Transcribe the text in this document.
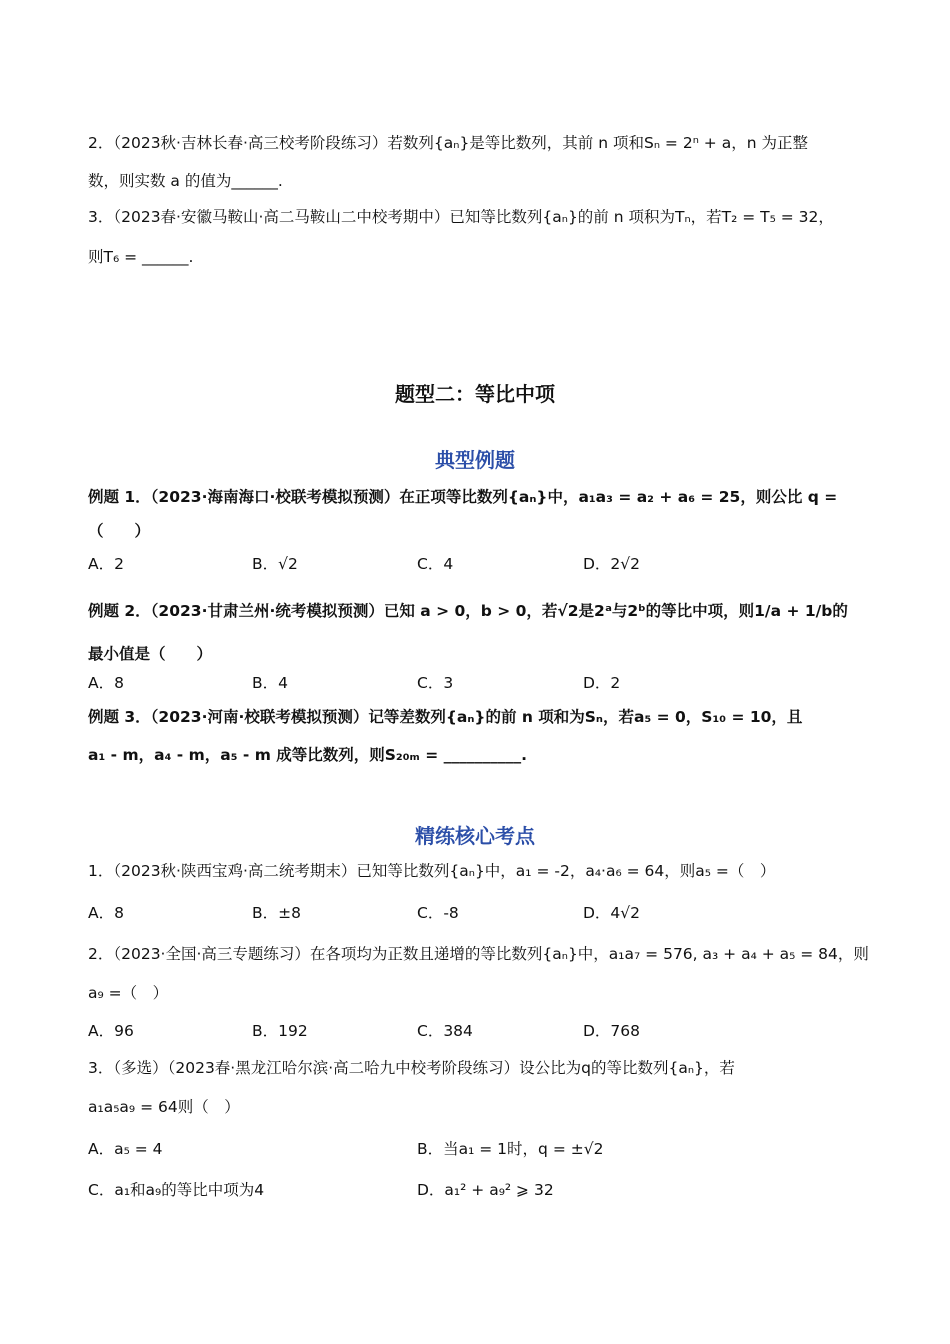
2．（2023秋·吉林长春·高三校考阶段练习）若数列{aₙ}是等比数列，其前 n 项和Sₙ = 2ⁿ + a，n 为正整
数，则实数 a 的值为______.
3．（2023春·安徽马鞍山·高二马鞍山二中校考期中）已知等比数列{aₙ}的前 n 项积为Tₙ，若T₂ = T₅ = 32，
则T₆ = ______.
题型二：等比中项
典型例题
例题 1．（2023·海南海口·校联考模拟预测）在正项等比数列{aₙ}中，a₁a₃ = a₂ + a₆ = 25，则公比 q =
（　　）
A．2	B．√2	C．4	D．2√2
例题 2．（2023·甘肃兰州·统考模拟预测）已知 a > 0，b > 0，若√2是2ᵃ与2ᵇ的等比中项，则1/a + 1/b的
最小值是（　　）
A．8	B．4	C．3	D．2
例题 3．（2023·河南·校联考模拟预测）记等差数列{aₙ}的前 n 项和为Sₙ，若a₅ = 0，S₁₀ = 10，且
a₁ - m，a₄ - m，a₅ - m 成等比数列，则S₂₀ₘ = __________.
精练核心考点
1．（2023秋·陕西宝鸡·高二统考期末）已知等比数列{aₙ}中，a₁ = -2，a₄·a₆ = 64，则a₅ =（　）
A．8	B．±8	C．-8	D．4√2
2．（2023·全国·高三专题练习）在各项均为正数且递增的等比数列{aₙ}中，a₁a₇ = 576, a₃ + a₄ + a₅ = 84，则
a₉ =（　）
A．96	B．192	C．384	D．768
3．（多选）（2023春·黑龙江哈尔滨·高二哈九中校考阶段练习）设公比为q的等比数列{aₙ}，若
a₁a₅a₉ = 64则（　）
A．a₅ = 4	B．当a₁ = 1时，q = ±√2
C．a₁和a₉的等比中项为4	D．a₁² + a₉² ⩾ 32
